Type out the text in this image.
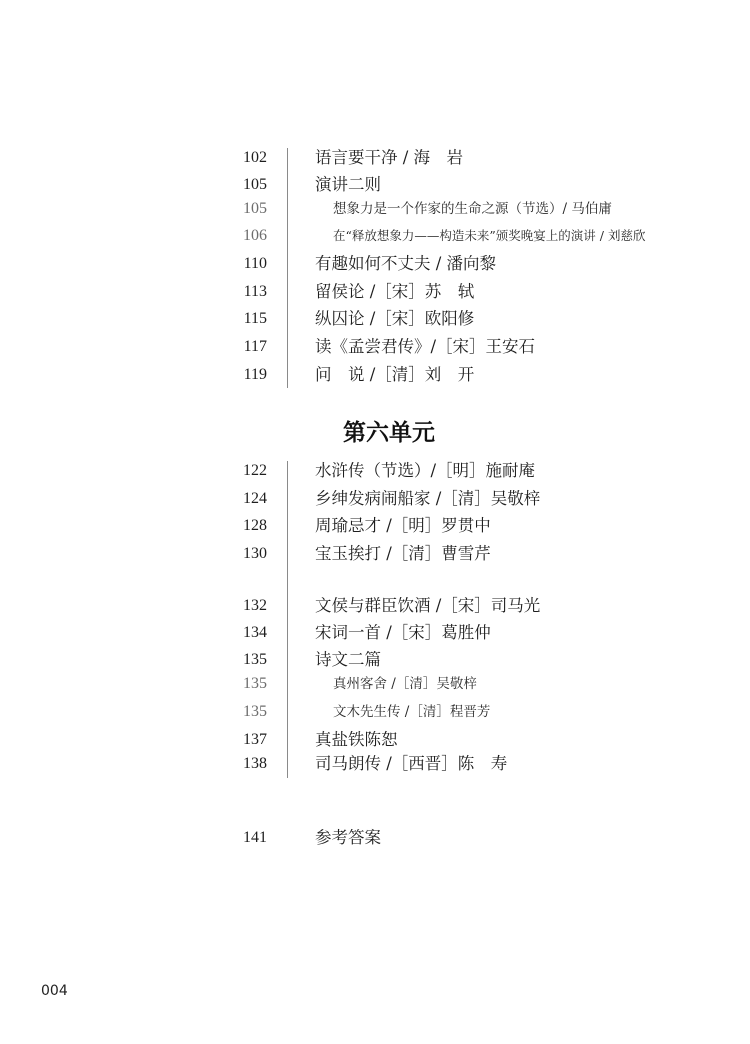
102	语言要干净 / 海　岩
105	演讲二则
105	想象力是一个作家的生命之源（节选）/ 马伯庸
106	在“释放想象力——构造未来”颁奖晚宴上的演讲 / 刘慈欣
110	有趣如何不丈夫 / 潘向黎
113	留侯论 /［宋］苏　轼
115	纵囚论 /［宋］欧阳修
117	读《孟尝君传》/［宋］王安石
119	问　说 /［清］刘　开
第六单元
122	水浒传（节选）/［明］施耐庵
124	乡绅发病闹船家 /［清］吴敬梓
128	周瑜忌才 /［明］罗贯中
130	宝玉挨打 /［清］曹雪芹
132	文侯与群臣饮酒 /［宋］司马光
134	宋词一首 /［宋］葛胜仲
135	诗文二篇
135	真州客舍 /［清］吴敬梓
135	文木先生传 /［清］程晋芳
137	真盐铁陈恕
138	司马朗传 /［西晋］陈　寿
141	参考答案
004
